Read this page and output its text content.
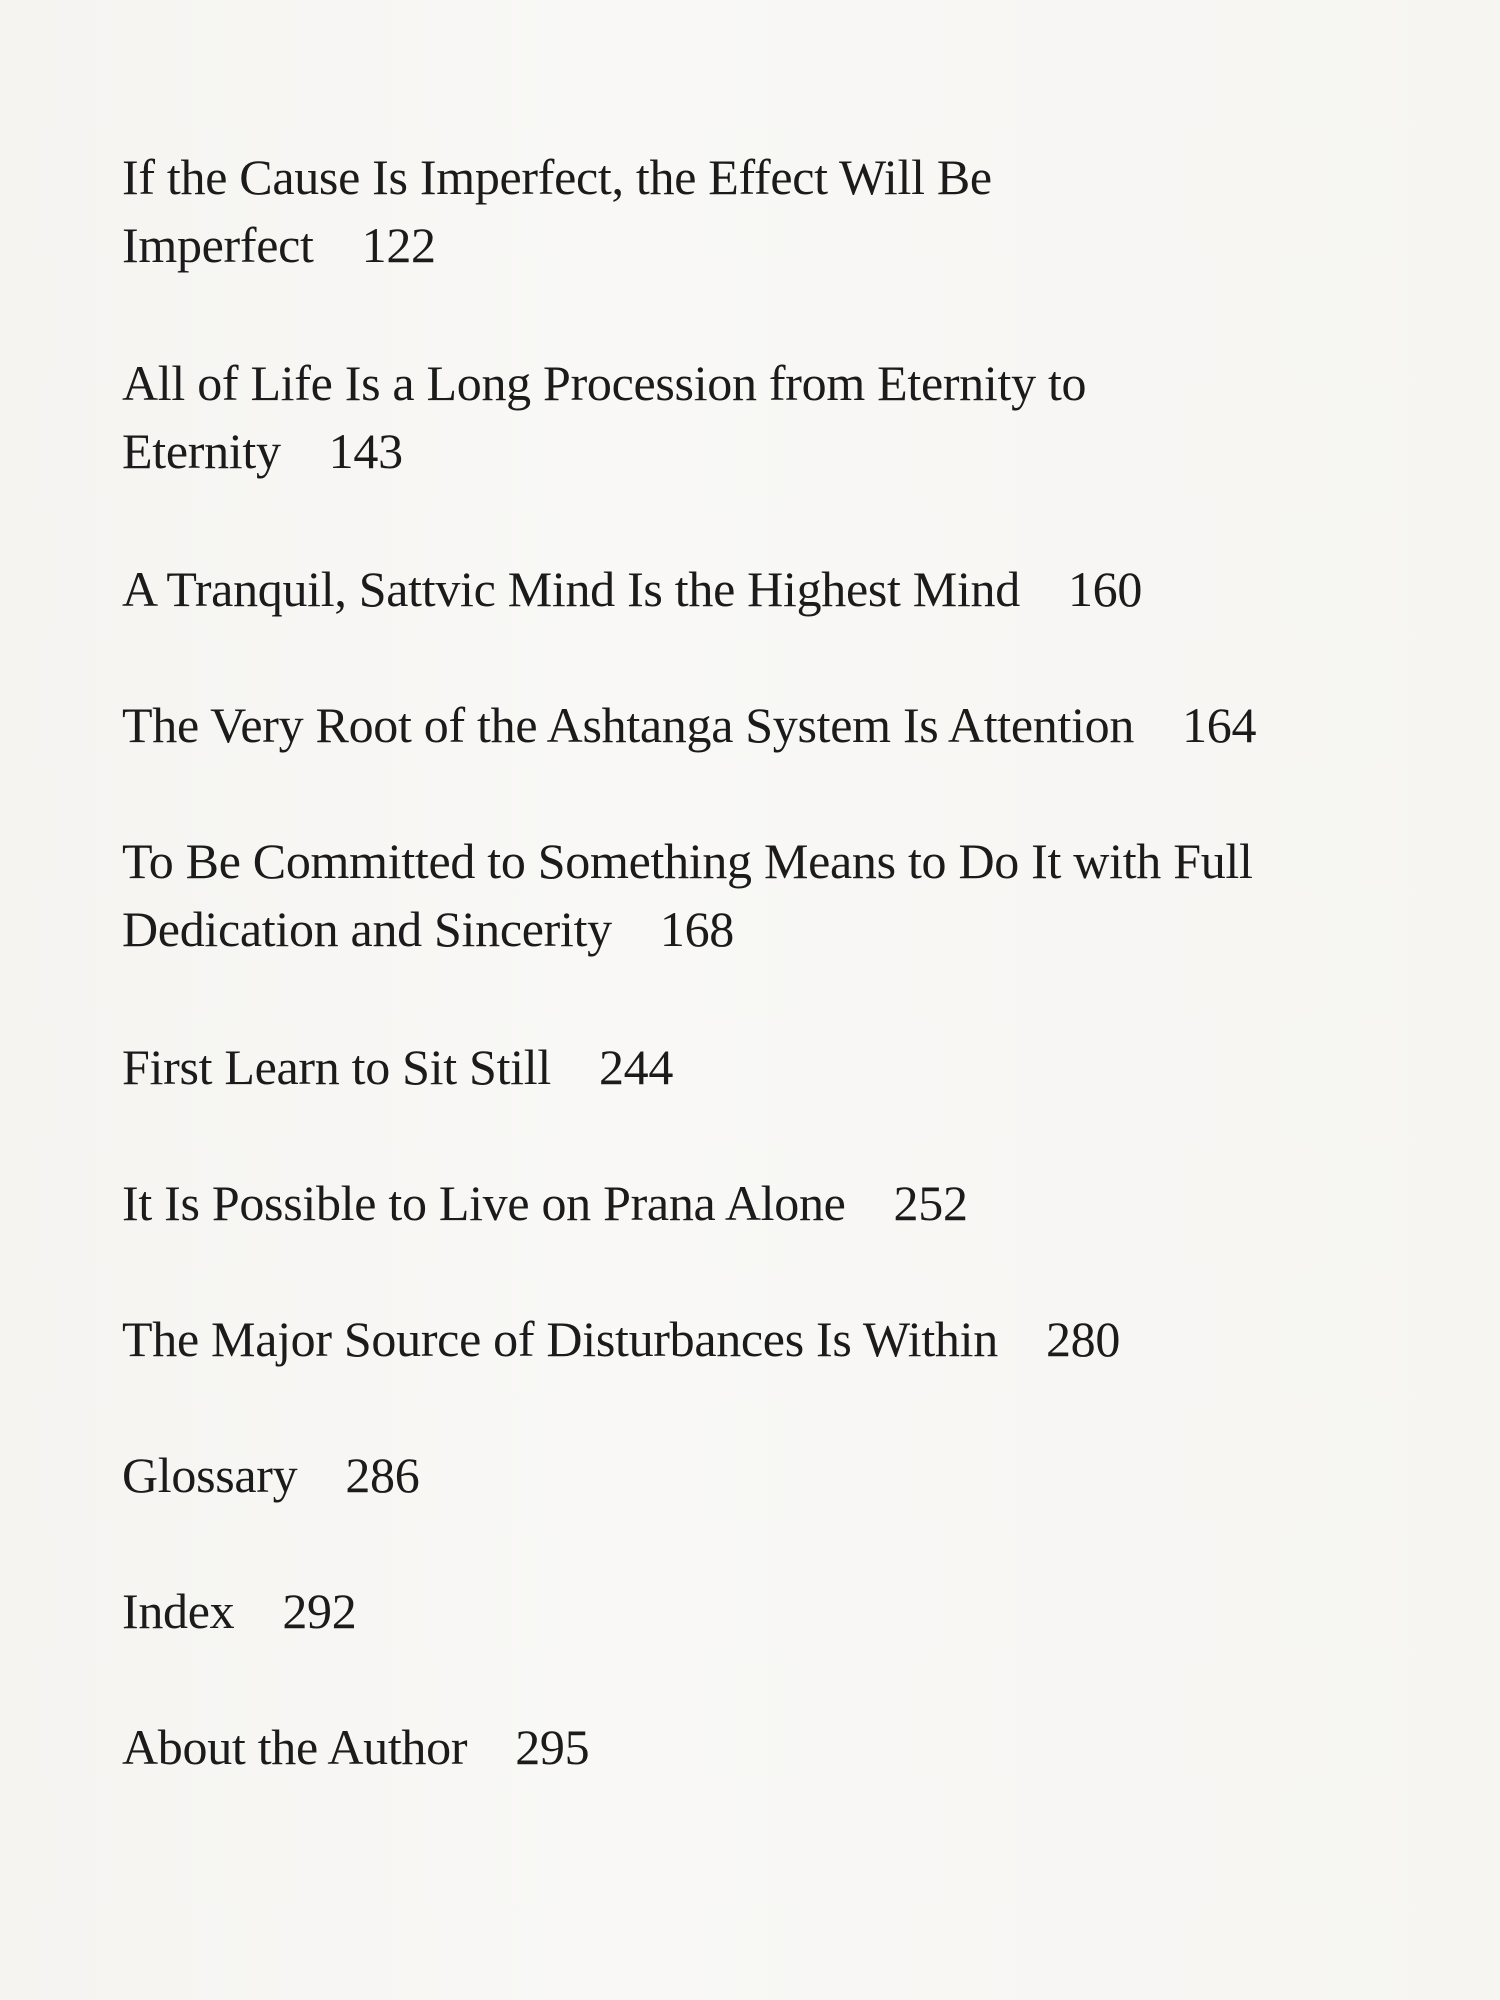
If the Cause Is Imperfect, the Effect Will Be Imperfect 122
All of Life Is a Long Procession from Eternity to Eternity 143
A Tranquil, Sattvic Mind Is the Highest Mind 160
The Very Root of the Ashtanga System Is Attention 164
To Be Committed to Something Means to Do It with Full Dedication and Sincerity 168
First Learn to Sit Still 244
It Is Possible to Live on Prana Alone 252
The Major Source of Disturbances Is Within 280
Glossary 286
Index 292
About the Author 295
